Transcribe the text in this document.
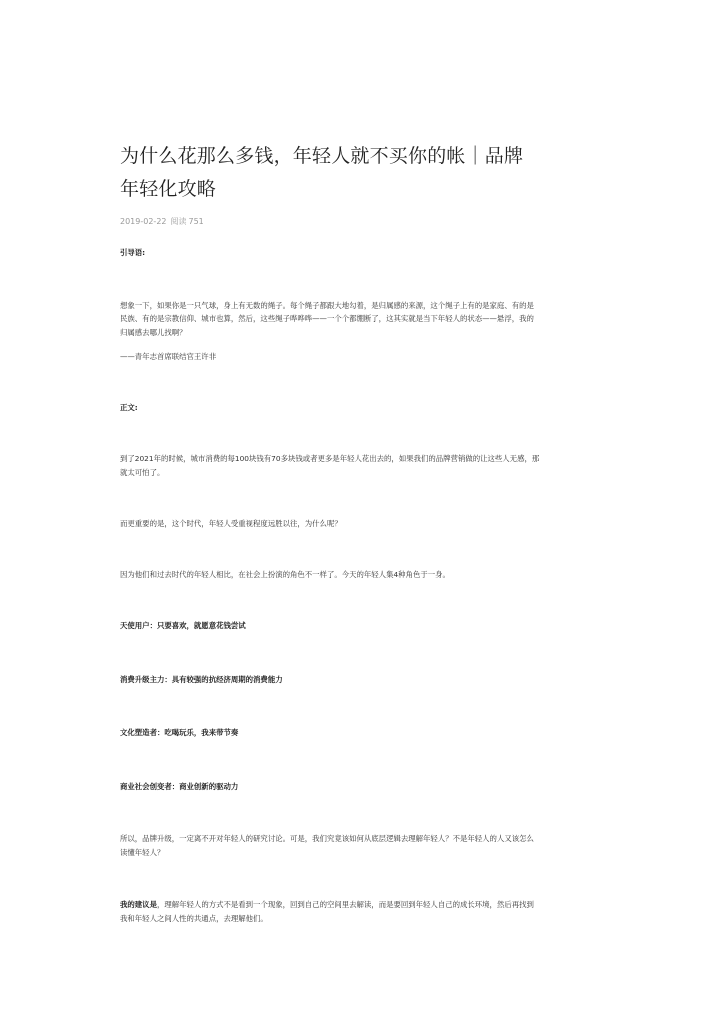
为什么花那么多钱，年轻人就不买你的帐｜品牌年轻化攻略
2019-02-22 阅读 751

引导语:

想象一下，如果你是一只气球，身上有无数的绳子。每个绳子都跟大地勾着，是归属感的来源，这个绳子上有的是家庭、有的是民族、有的是宗教信仰、城市也算，然后，这些绳子哗哗哗——一个个都绷断了，这其实就是当下年轻人的状态——悬浮，我的归属感去哪儿找啊？

——青年志首席联结官王许非

正文:

到了2021年的时候，城市消费的每100块钱有70多块钱或者更多是年轻人花出去的，如果我们的品牌营销做的让这些人无感，那就太可怕了。

而更重要的是，这个时代，年轻人受重视程度远胜以往，为什么呢？

因为他们和过去时代的年轻人相比，在社会上扮演的角色不一样了。今天的年轻人集4种角色于一身。

天使用户：只要喜欢，就愿意花钱尝试

消费升级主力：具有较强的抗经济周期的消费能力

文化塑造者：吃喝玩乐，我来带节奏

商业社会创变者：商业创新的驱动力

所以，品牌升级，一定离不开对年轻人的研究讨论。可是，我们究竟该如何从底层逻辑去理解年轻人？不是年轻人的人又该怎么读懂年轻人？

我的建议是，理解年轻人的方式不是看到一个现象，回到自己的空间里去解读，而是要回到年轻人自己的成长环境，然后再找到我和年轻人之间人性的共通点，去理解他们。
